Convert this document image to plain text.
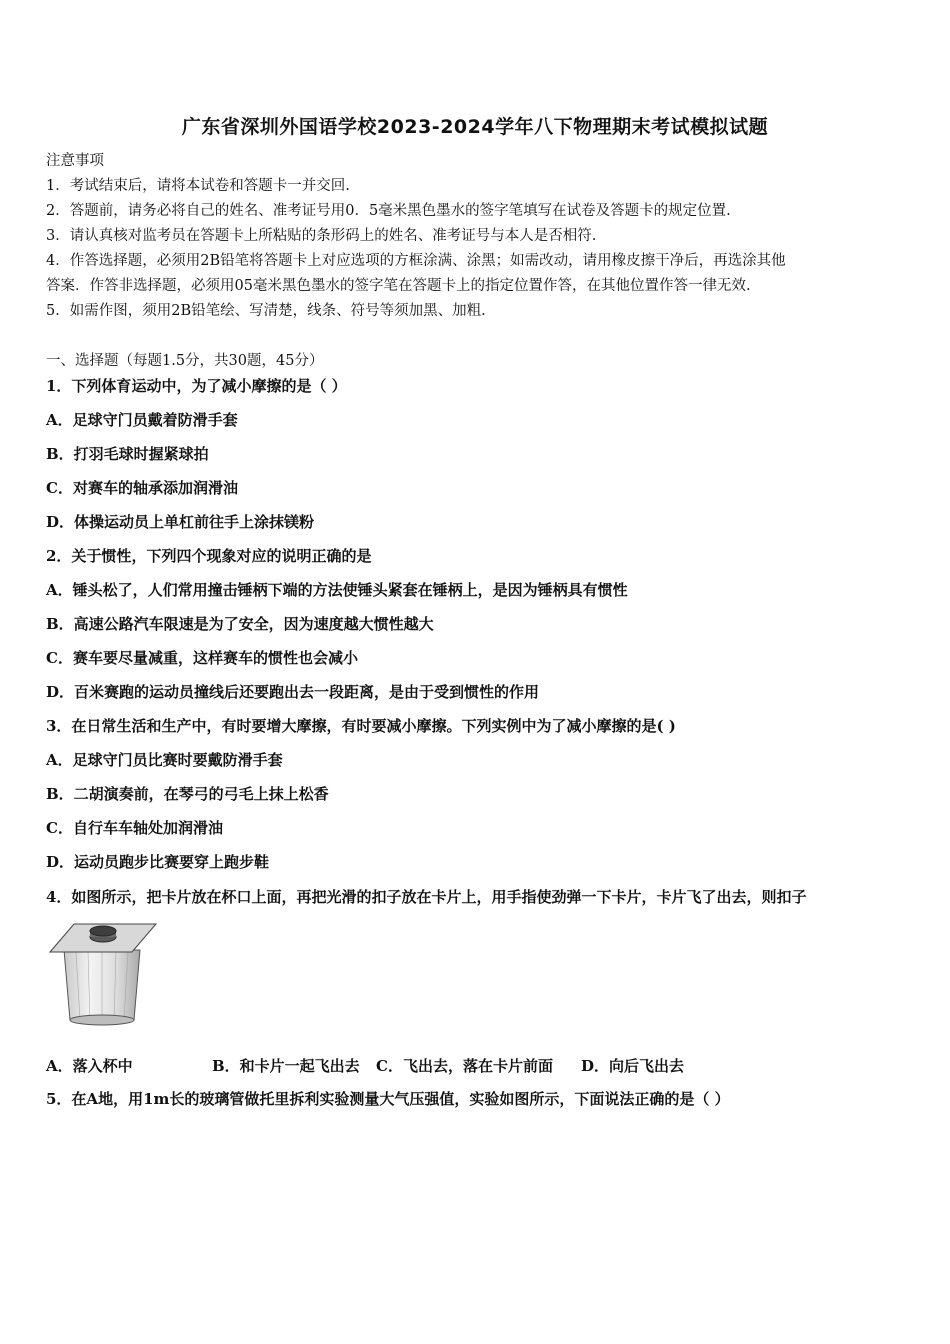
广东省深圳外国语学校2023-2024学年八下物理期末考试模拟试题
注意事项
1．考试结束后，请将本试卷和答题卡一并交回.
2．答题前，请务必将自己的姓名、准考证号用0．5毫米黑色墨水的签字笔填写在试卷及答题卡的规定位置.
3．请认真核对监考员在答题卡上所粘贴的条形码上的姓名、准考证号与本人是否相符.
4．作答选择题，必须用2B铅笔将答题卡上对应选项的方框涂满、涂黑；如需改动，请用橡皮擦干净后，再选涂其他
答案．作答非选择题，必须用05毫米黑色墨水的签字笔在答题卡上的指定位置作答，在其他位置作答一律无效.
5．如需作图，须用2B铅笔绘、写清楚，线条、符号等须加黑、加粗.
一、选择题（每题1.5分，共30题，45分）
1．下列体育运动中，为了减小摩擦的是（ ）
A．足球守门员戴着防滑手套
B．打羽毛球时握紧球拍
C．对赛车的轴承添加润滑油
D．体操运动员上单杠前往手上涂抹镁粉
2．关于惯性，下列四个现象对应的说明正确的是
A．锤头松了，人们常用撞击锤柄下端的方法使锤头紧套在锤柄上，是因为锤柄具有惯性
B．高速公路汽车限速是为了安全，因为速度越大惯性越大
C．赛车要尽量减重，这样赛车的惯性也会减小
D．百米赛跑的运动员撞线后还要跑出去一段距离，是由于受到惯性的作用
3．在日常生活和生产中，有时要增大摩擦，有时要减小摩擦。下列实例中为了减小摩擦的是( )
A．足球守门员比赛时要戴防滑手套
B．二胡演奏前，在琴弓的弓毛上抹上松香
C．自行车车轴处加润滑油
D．运动员跑步比赛要穿上跑步鞋
4．如图所示，把卡片放在杯口上面，再把光滑的扣子放在卡片上，用手指使劲弹一下卡片，卡片飞了出去，则扣子
A．落入杯中	B．和卡片一起飞出去 C．飞出去，落在卡片前面 D．向后飞出去
5．在A地，用1m长的玻璃管做托里拆利实验测量大气压强值，实验如图所示，下面说法正确的是（ ）
